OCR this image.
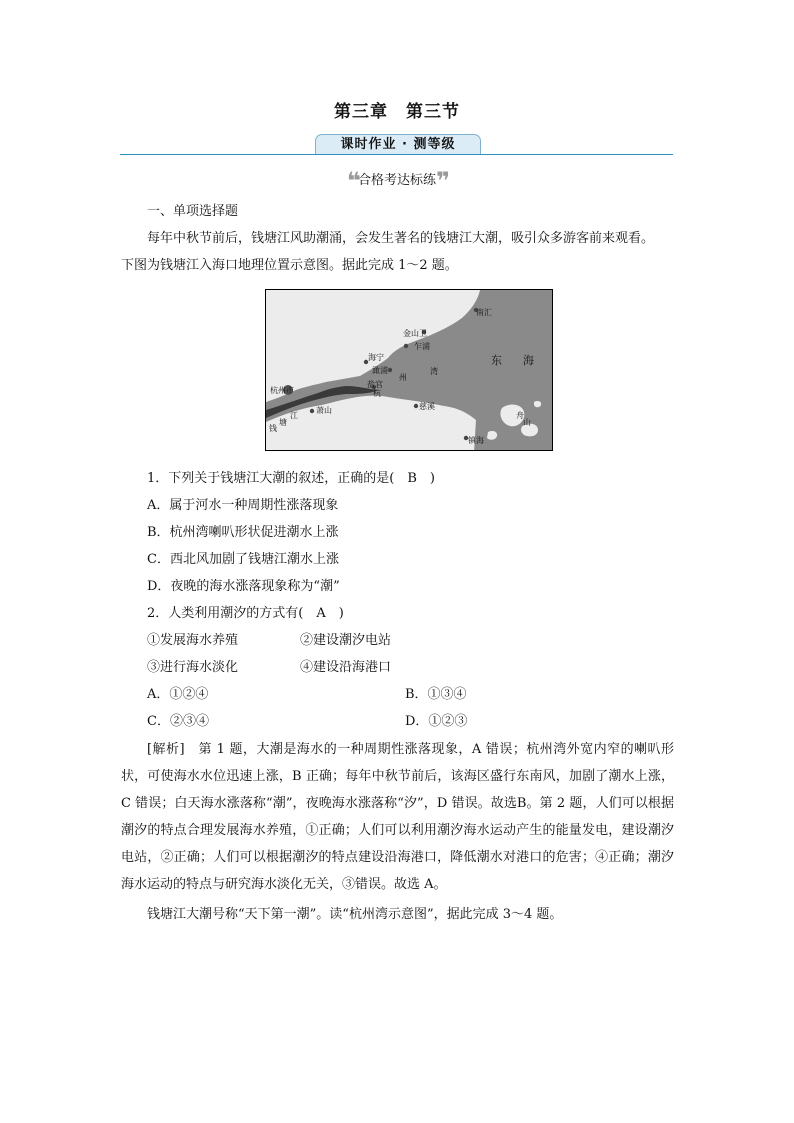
第三章　第三节
课时作业 · 测等级
❝合格考达标练❞
一、单项选择题
每年中秋节前后，钱塘江风助潮涌，会发生著名的钱塘江大潮，吸引众多游客前来观看。
下图为钱塘江入海口地理位置示意图。据此完成 1～2 题。
南汇
金山卫
乍浦
海宁
澉浦
州
湾
杭州市
盐官
杭
萧山	慈溪
江
塘
钱
舟
山
镇海
东 海
1．下列关于钱塘江大潮的叙述，正确的是(　B　)
A．属于河水一种周期性涨落现象
B．杭州湾喇叭形状促进潮水上涨
C．西北风加剧了钱塘江潮水上涨
D．夜晚的海水涨落现象称为“潮”
2．人类利用潮汐的方式有(　A　)
①发展海水养殖	②建设潮汐电站
③进行海水淡化	④建设沿海港口
A．①②④	B．①③④
C．②③④	D．①②③
[解析]　第 1 题，大潮是海水的一种周期性涨落现象，A 错误；杭州湾外宽内窄的喇叭形状，可使海水水位迅速上涨，B 正确；每年中秋节前后，该海区盛行东南风，加剧了潮水上涨，C 错误；白天海水涨落称“潮”，夜晚海水涨落称“汐”，D 错误。故选B。第 2 题，人们可以根据潮汐的特点合理发展海水养殖，①正确；人们可以利用潮汐海水运动产生的能量发电，建设潮汐电站，②正确；人们可以根据潮汐的特点建设沿海港口，降低潮水对港口的危害；④正确；潮汐海水运动的特点与研究海水淡化无关，③错误。故选 A。
钱塘江大潮号称“天下第一潮”。读“杭州湾示意图”，据此完成 3～4 题。
